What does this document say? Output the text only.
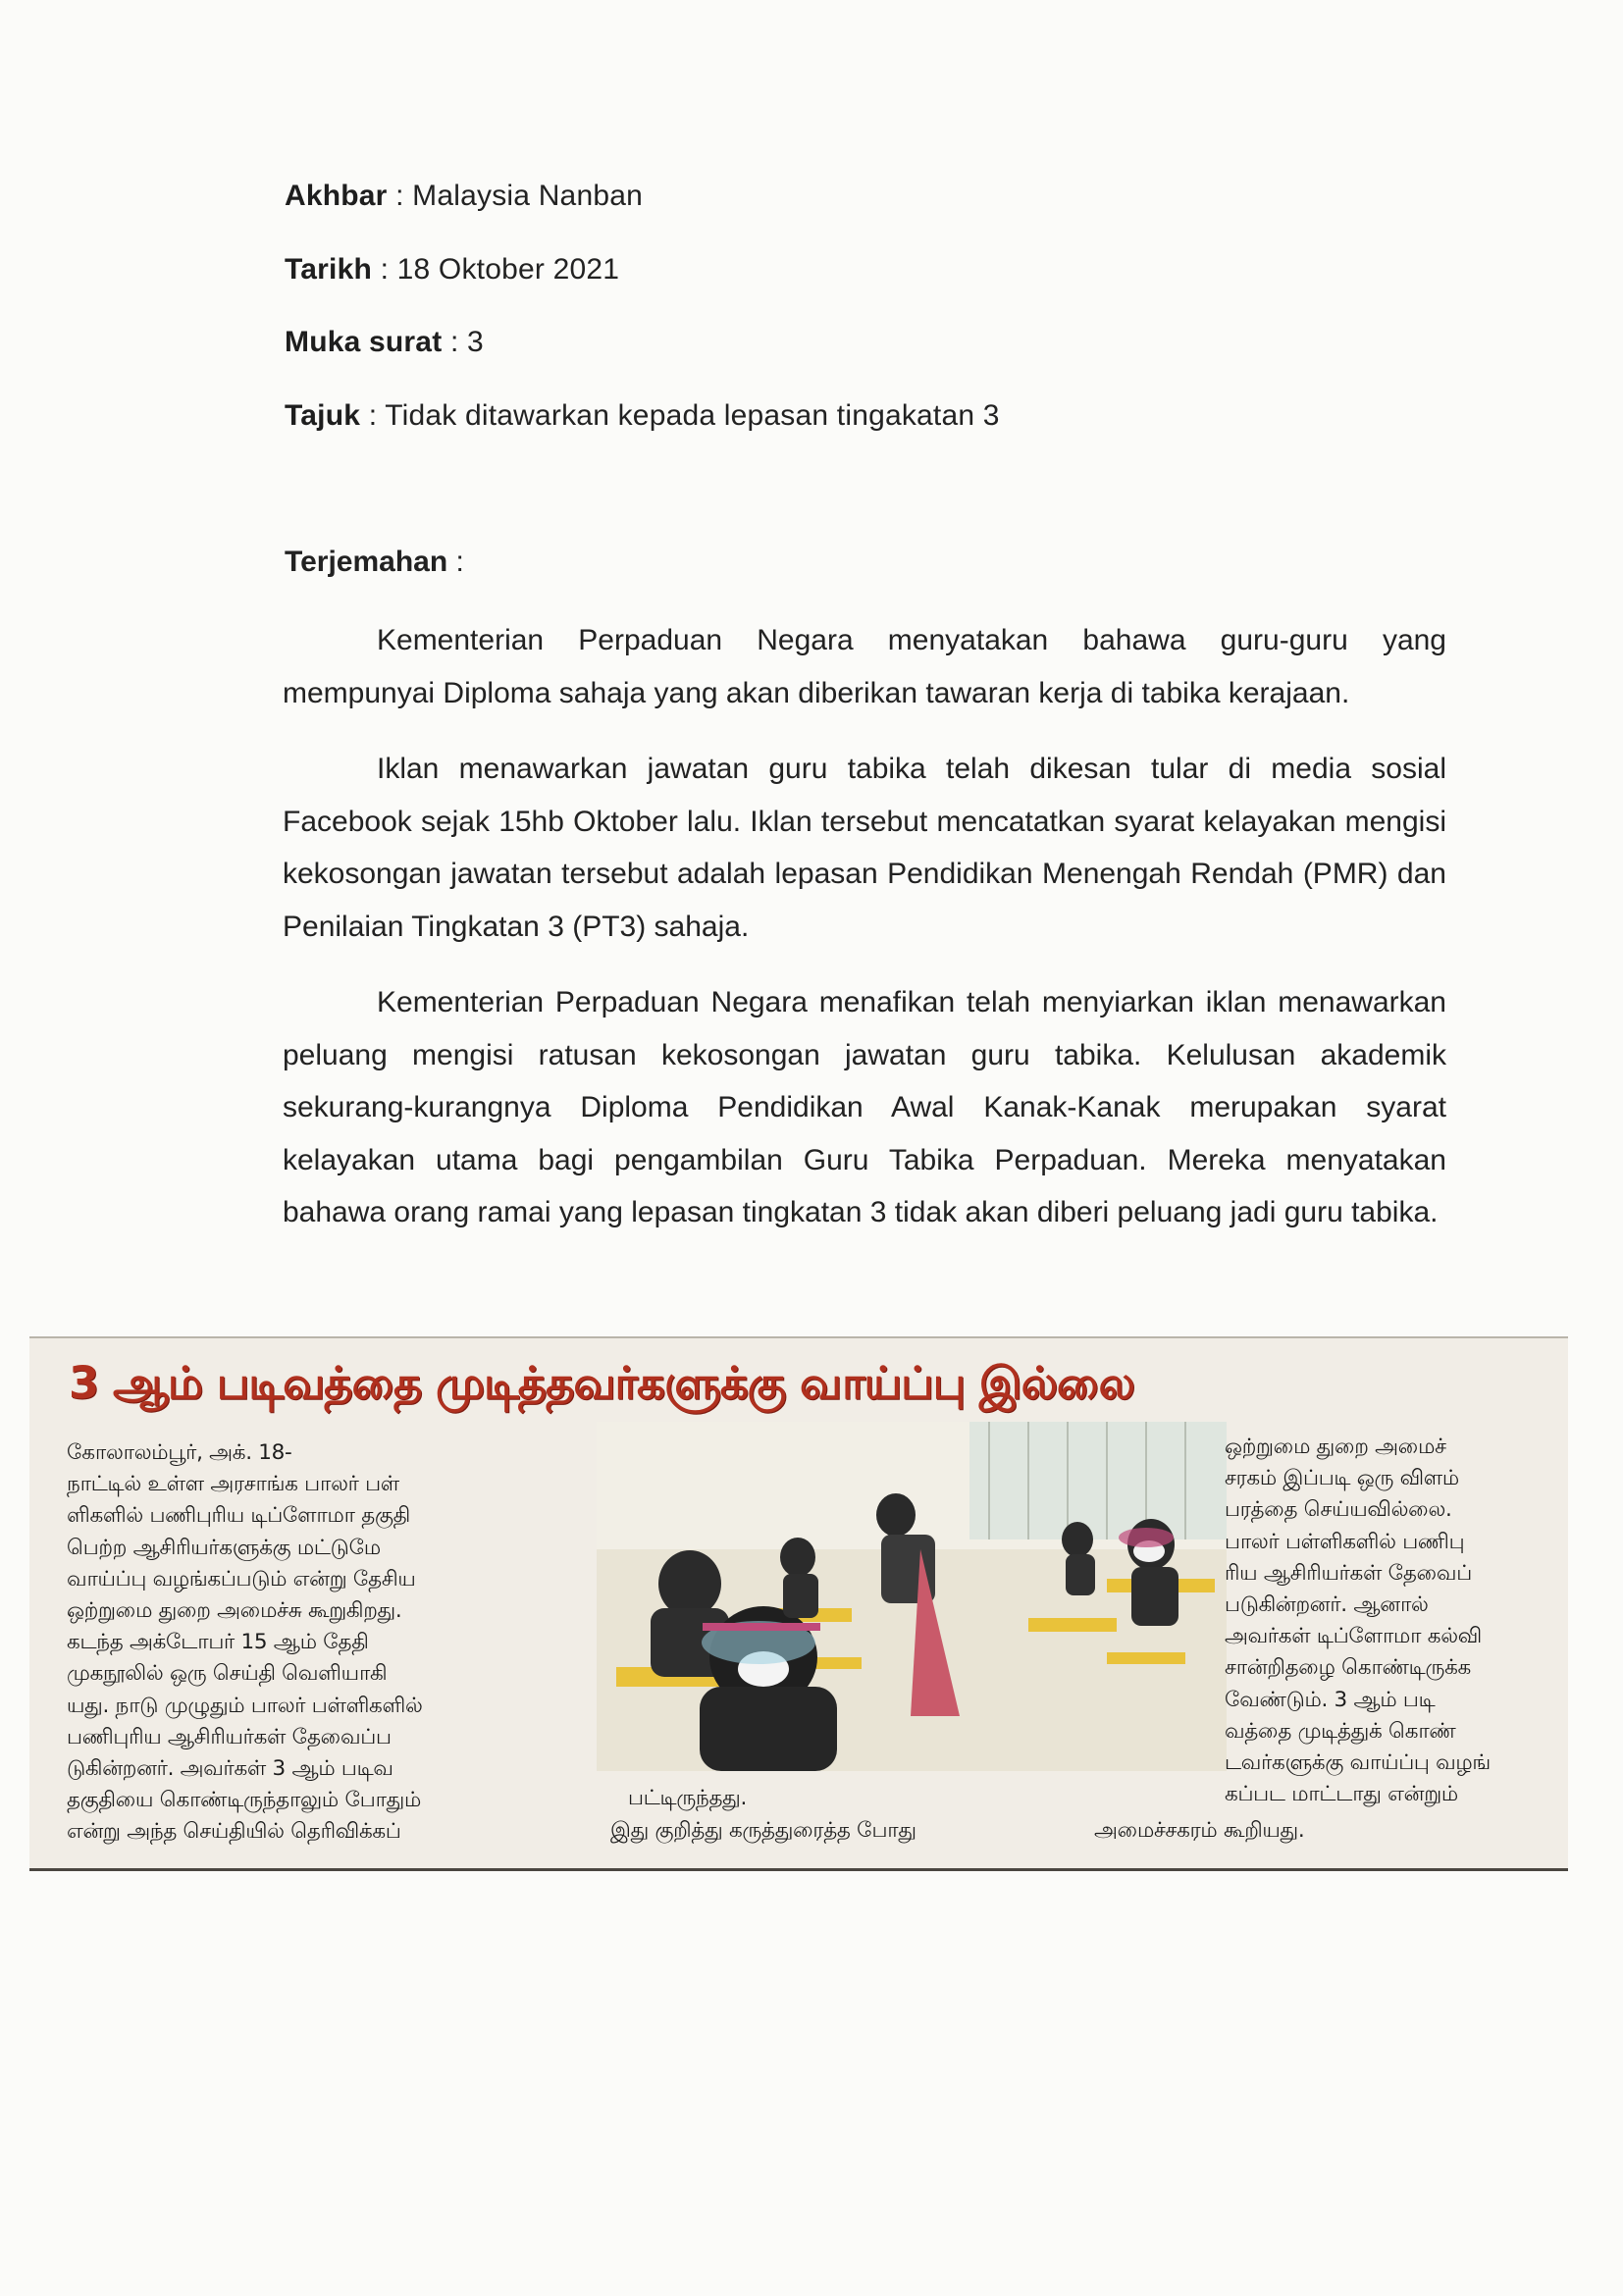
Akhbar : Malaysia Nanban
Tarikh : 18 Oktober 2021
Muka surat : 3
Tajuk : Tidak ditawarkan kepada lepasan tingakatan 3
Terjemahan :

Kementerian Perpaduan Negara menyatakan bahawa guru-guru yang mempunyai Diploma sahaja yang akan diberikan tawaran kerja di tabika kerajaan.

Iklan menawarkan jawatan guru tabika telah dikesan tular di media sosial Facebook sejak 15hb Oktober lalu. Iklan tersebut mencatatkan syarat kelayakan mengisi kekosongan jawatan tersebut adalah lepasan Pendidikan Menengah Rendah (PMR) dan Penilaian Tingkatan 3 (PT3) sahaja.

Kementerian Perpaduan Negara menafikan telah menyiarkan iklan menawarkan peluang mengisi ratusan kekosongan jawatan guru tabika. Kelulusan akademik sekurang-kurangnya Diploma Pendidikan Awal Kanak-Kanak merupakan syarat kelayakan utama bagi pengambilan Guru Tabika Perpaduan. Mereka menyatakan bahawa orang ramai yang lepasan tingkatan 3 tidak akan diberi peluang jadi guru tabika.

3 ஆம் படிவத்தை முடித்தவர்களுக்கு வாய்ப்பு இல்லை
கோலாலம்பூர், அக். 18-
நாட்டில் உள்ள அரசாங்க பாலர் பள்
ளிகளில் பணிபுரிய டிப்ளோமா தகுதி
பெற்ற ஆசிரியர்களுக்கு மட்டுமே
வாய்ப்பு வழங்கப்படும் என்று தேசிய
ஒற்றுமை துறை அமைச்சு கூறுகிறது.
கடந்த அக்டோபர் 15 ஆம் தேதி
முகநூலில் ஒரு செய்தி வெளியாகி
யது. நாடு முழுதும் பாலர் பள்ளிகளில்
பணிபுரிய ஆசிரியர்கள் தேவைப்ப
டுகின்றனர். அவர்கள் 3 ஆம் படிவ
தகுதியை கொண்டிருந்தாலும் போதும்
என்று அந்த செய்தியில் தெரிவிக்கப்
பட்டிருந்தது.
இது குறித்து கருத்துரைத்த போது	அமைச்சகரம் கூறியது.
ஒற்றுமை துறை அமைச்
சரகம் இப்படி ஒரு விளம்
பரத்தை செய்யவில்லை.
பாலர் பள்ளிகளில் பணிபு
ரிய ஆசிரியர்கள் தேவைப்
படுகின்றனர். ஆனால்
அவர்கள் டிப்ளோமா கல்வி
சான்றிதழை கொண்டிருக்க
வேண்டும். 3 ஆம் படி
வத்தை முடித்துக் கொண்
டவர்களுக்கு வாய்ப்பு வழங்
கப்பட மாட்டாது என்றும்
